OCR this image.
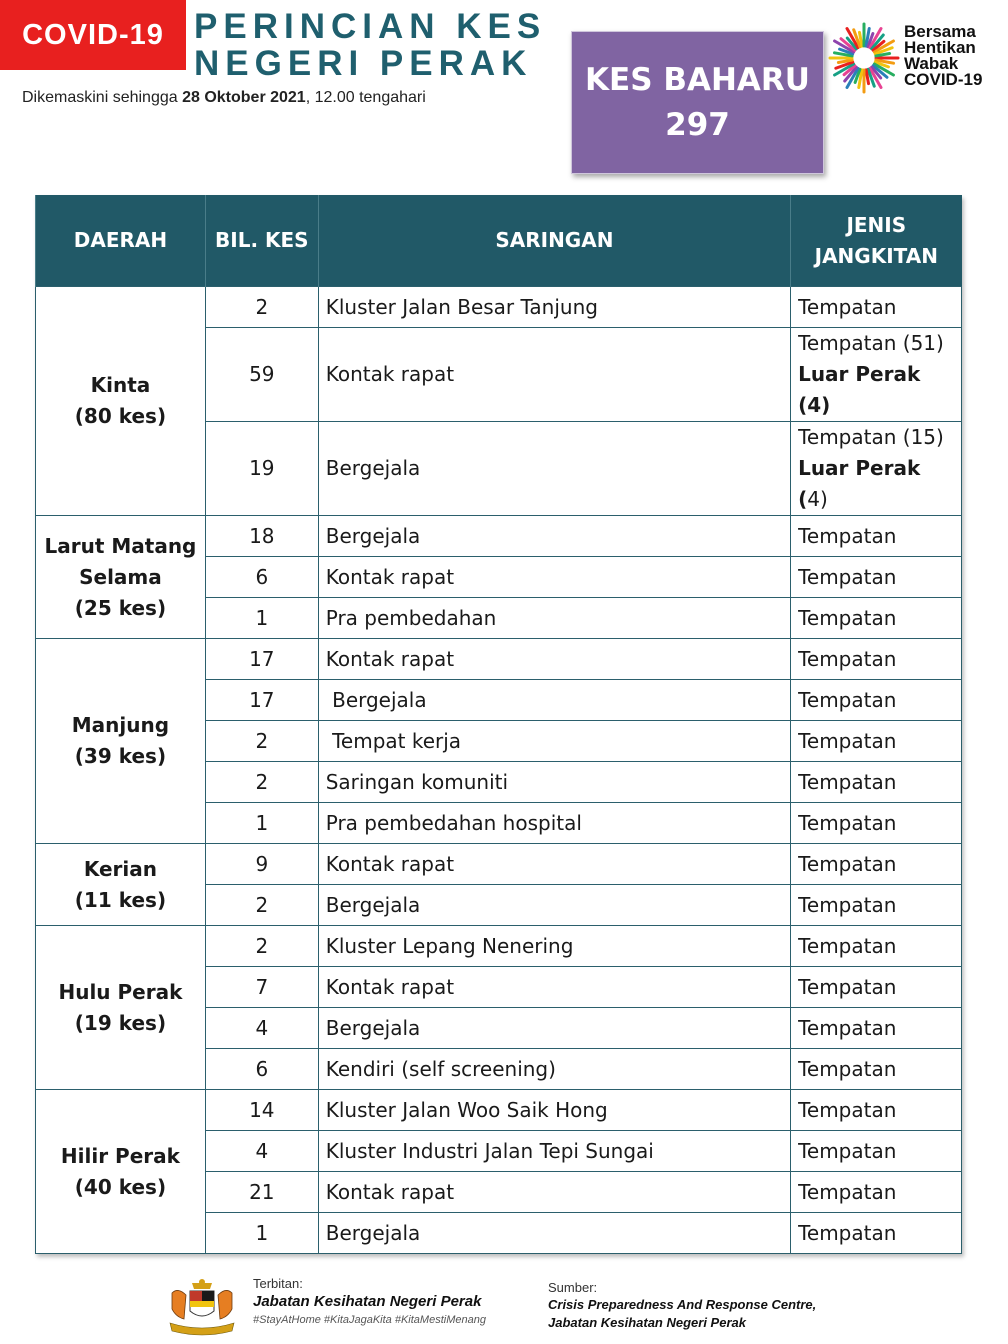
COVID-19 PERINCIAN KES
NEGERI PERAK
Dikemaskini sehingga 28 Oktober 2021, 12.00 tengahari	KES BAHARU
297
Bersama
Hentikan
Wabak
COVID-19
DAERAH	BIL. KES	SARINGAN	JENIS
JANGKITAN
Kinta
(80 kes)	2	Kluster Jalan Besar Tanjung	Tempatan
	59	Kontak rapat	Tempatan (51)
Luar Perak (4)
	19	Bergejala	Tempatan (15)
Luar Perak (4)
Larut Matang
Selama
(25 kes)	18	Bergejala	Tempatan
	6	Kontak rapat	Tempatan
	1	Pra pembedahan	Tempatan
Manjung
(39 kes)	17	Kontak rapat	Tempatan
	17	Bergejala	Tempatan
	2	Tempat kerja	Tempatan
	2	Saringan komuniti	Tempatan
	1	Pra pembedahan hospital	Tempatan
Kerian
(11 kes)	9	Kontak rapat	Tempatan
	2	Bergejala	Tempatan
Hulu Perak
(19 kes)	2	Kluster Lepang Nenering	Tempatan
	7	Kontak rapat	Tempatan
	4	Bergejala	Tempatan
	6	Kendiri (self screening)	Tempatan
Hilir Perak
(40 kes)	14	Kluster Jalan Woo Saik Hong	Tempatan
	4	Kluster Industri Jalan Tepi Sungai	Tempatan
	21	Kontak rapat	Tempatan
	1	Bergejala	Tempatan
Terbitan:
Jabatan Kesihatan Negeri Perak
#StayAtHome #KitaJagaKita #KitaMestiMenang
Sumber:
Crisis Preparedness And Response Centre,
Jabatan Kesihatan Negeri Perak
